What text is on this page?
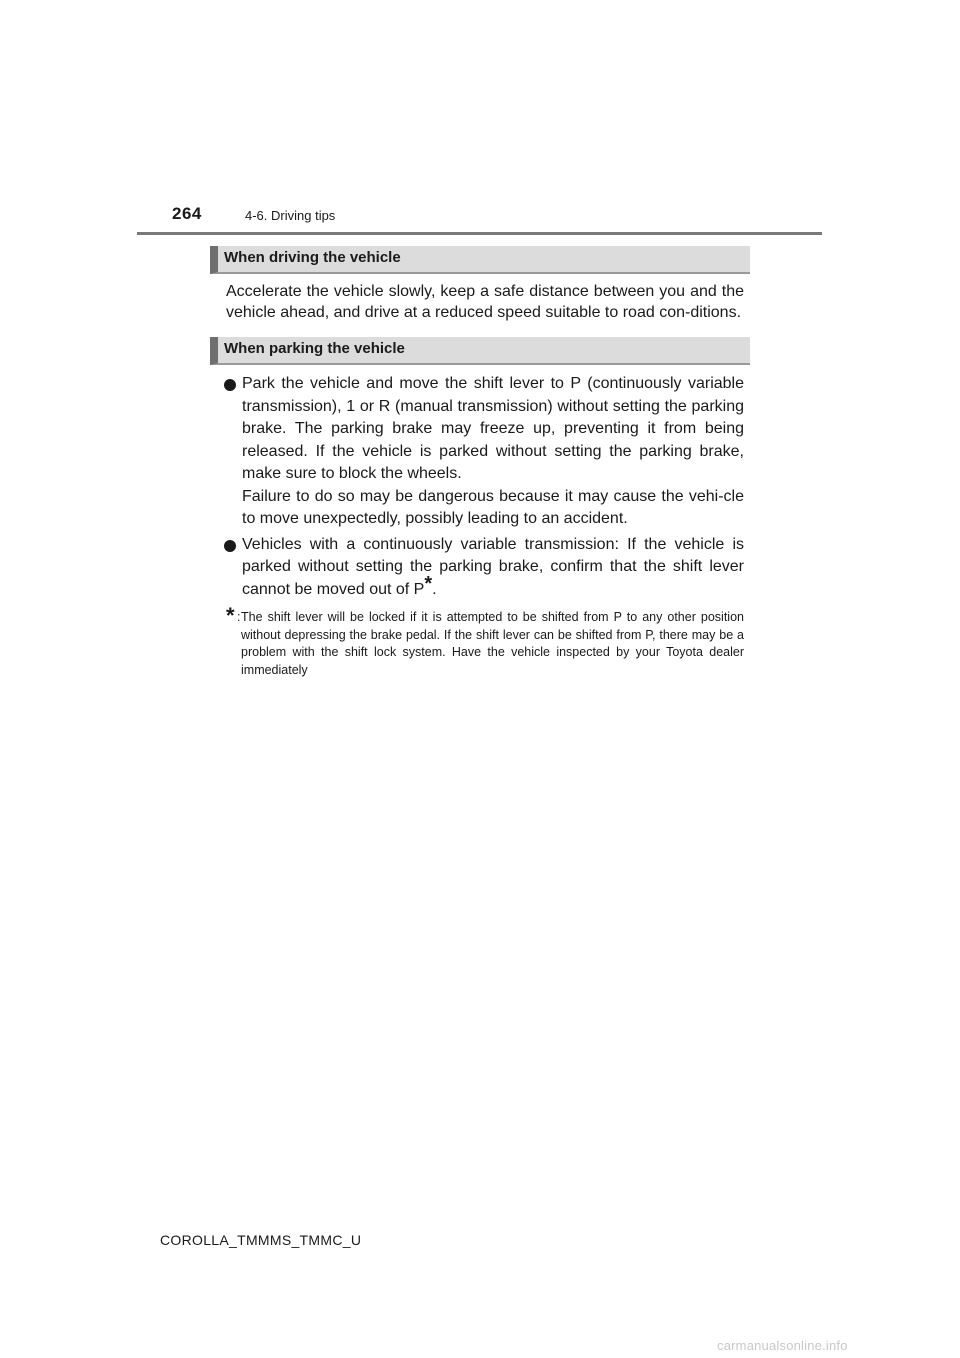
264	4-6. Driving tips
When driving the vehicle

Accelerate the vehicle slowly, keep a safe distance between you and the vehicle ahead, and drive at a reduced speed suitable to road con-ditions.

When parking the vehicle
Park the vehicle and move the shift lever to P (continuously variable transmission), 1 or R (manual transmission) without setting the parking brake. The parking brake may freeze up, preventing it from being released. If the vehicle is parked without setting the parking brake, make sure to block the wheels.
Failure to do so may be dangerous because it may cause the vehi-cle to move unexpectedly, possibly leading to an accident.
Vehicles with a continuously variable transmission: If the vehicle is parked without setting the parking brake, confirm that the shift lever cannot be moved out of P*.
* : The shift lever will be locked if it is attempted to be shifted from P to any other position without depressing the brake pedal. If the shift lever can be shifted from P, there may be a problem with the shift lock system. Have the vehicle inspected by your Toyota dealer immediately
COROLLA_TMMMS_TMMC_U
carmanualsonline.info
